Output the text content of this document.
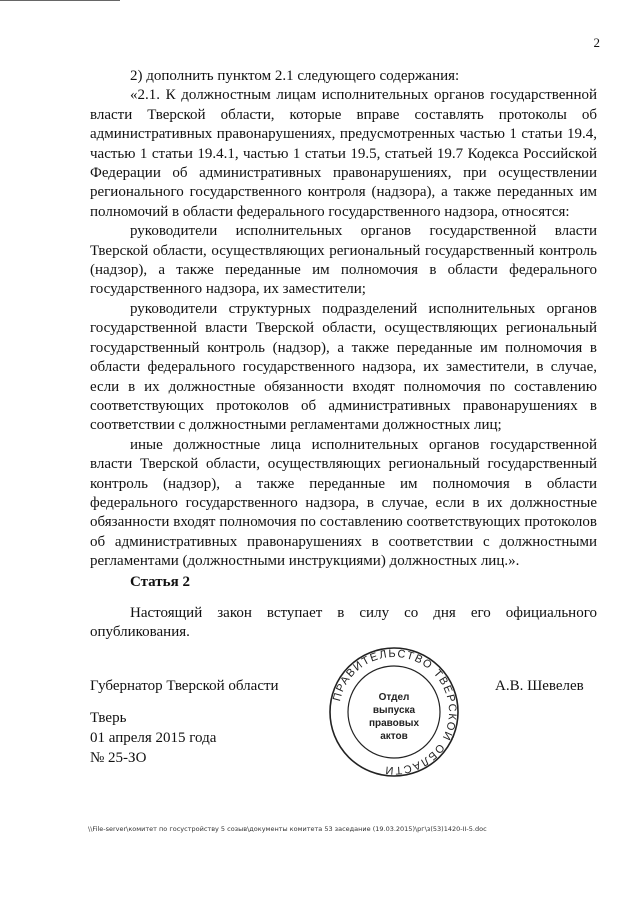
2

2) дополнить пунктом 2.1 следующего содержания:

«2.1. К должностным лицам исполнительных органов государственной власти Тверской области, которые вправе составлять протоколы об административных правонарушениях, предусмотренных частью 1 статьи 19.4, частью 1 статьи 19.4.1, частью 1 статьи 19.5, статьей 19.7 Кодекса Российской Федерации об административных правонарушениях, при осуществлении регионального государственного контроля (надзора), а также переданных им полномочий в области федерального государственного надзора, относятся:

руководители исполнительных органов государственной власти Тверской области, осуществляющих региональный государственный контроль (надзор), а также переданные им полномочия в области федерального государственного надзора, их заместители;

руководители структурных подразделений исполнительных органов государственной власти Тверской области, осуществляющих региональный государственный контроль (надзор), а также переданные им полномочия в области федерального государственного надзора, их заместители, в случае, если в их должностные обязанности входят полномочия по составлению соответствующих протоколов об административных правонарушениях в соответствии с должностными регламентами должностных лиц;

иные должностные лица исполнительных органов государственной власти Тверской области, осуществляющих региональный государственный контроль (надзор), а также переданные им полномочия в области федерального государственного надзора, в случае, если в их должностные обязанности входят полномочия по составлению соответствующих протоколов об административных правонарушениях в соответствии с должностными регламентами (должностными инструкциями) должностных лиц.».

Статья 2

Настоящий закон вступает в силу со дня его официального опубликования.

Губернатор Тверской области	А.В. Шевелев
Тверь
01 апреля 2015 года
№ 25-ЗО
ПРАВИТЕЛЬСТВО ТВЕРСКОЙ ОБЛАСТИ
Отдел
выпуска
правовых
актов
\\File-server\комитет по госустройству 5 созыв\документы комитета 53 заседание (19.03.2015)\рг\з(53)1420-II-5.doc
